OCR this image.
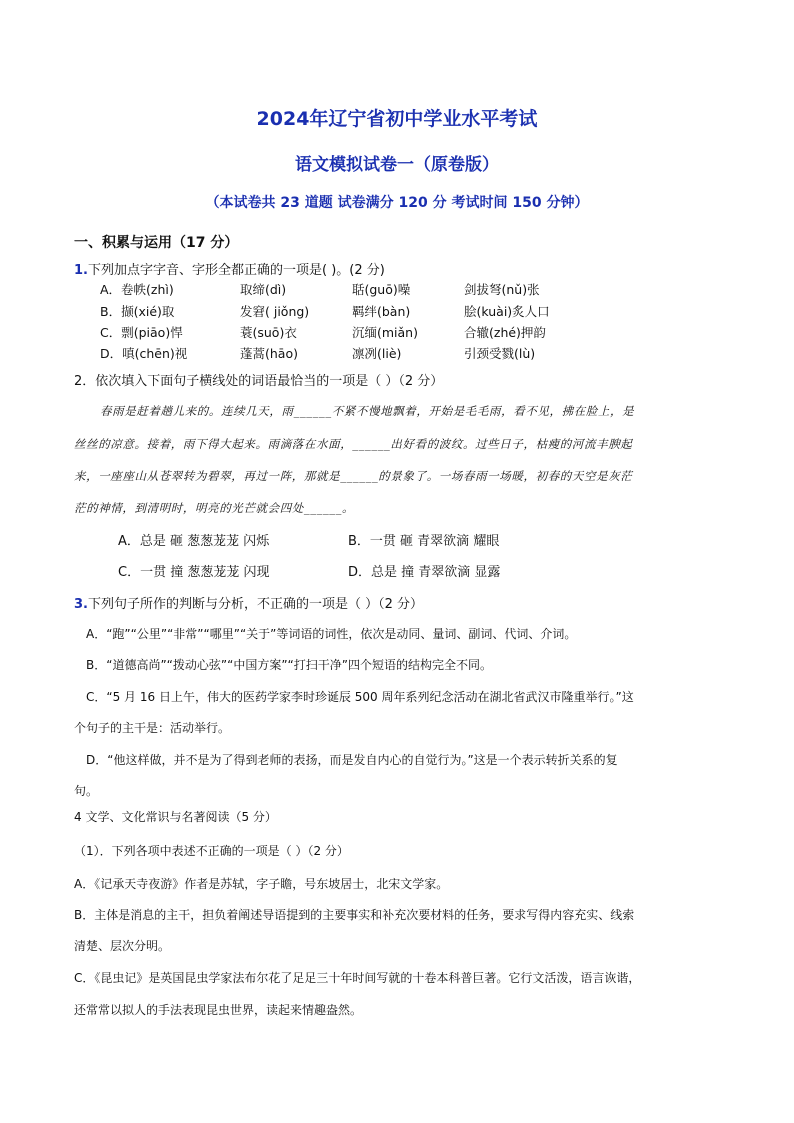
2024年辽宁省初中学业水平考试
语文模拟试卷一（原卷版）
（本试卷共 23 道题 试卷满分 120 分 考试时间 150 分钟）
一、积累与运用（17 分）
1.下列加点字字音、字形全都正确的一项是( )。(2 分)
A．卷帙(zhì)	取缔(dì)	聒(guō)噪	剑拔弩(nǔ)张
B．撷(xié)取	发窘( jiǒng)	羁绊(bàn)	脍(kuài)炙人口
C．剽(piāo)悍	蓑(suō)衣	沉缅(miǎn)	合辙(zhé)押韵
D．嗔(chēn)视	蓬蒿(hāo)	凛冽(liè)	引颈受戮(lù)
2．依次填入下面句子横线处的词语最恰当的一项是（ ）（2 分）
春雨是赶着趟儿来的。连续几天，雨______不紧不慢地飘着，开始是毛毛雨，看不见，拂在脸上，是
丝丝的凉意。接着，雨下得大起来。雨滴落在水面，______出好看的波纹。过些日子，枯瘦的河流丰腴起
来，一座座山从苍翠转为碧翠，再过一阵，那就是______的景象了。一场春雨一场暖，初春的天空是灰茫
茫的神情，到清明时，明亮的光芒就会四处______。
A．总是 砸 葱葱茏茏 闪烁	B．一贯 砸 青翠欲滴 耀眼
C．一贯 撞 葱葱茏茏 闪现	D．总是 撞 青翠欲滴 显露
3.下列句子所作的判断与分析，不正确的一项是（ ）（2 分）
A．“跑”“公里”“非常”“哪里”“关于”等词语的词性，依次是动同、量词、副词、代词、介词。
B．“道德高尚”“拨动心弦”“中国方案”“打扫干净”四个短语的结构完全不同。
C．“5 月 16 日上午，伟大的医药学家李时珍诞辰 500 周年系列纪念活动在湖北省武汉市隆重举行。”这
个句子的主干是：活动举行。
D．“他这样做，并不是为了得到老师的表扬，而是发自内心的自觉行为。”这是一个表示转折关系的复
句。
4 文学、文化常识与名著阅读（5 分）
（1）．下列各项中表述不正确的一项是（ ）（2 分）
A．《记承天寺夜游》作者是苏轼，字子瞻，号东坡居士，北宋文学家。
B．主体是消息的主干，担负着阐述导语提到的主要事实和补充次要材料的任务，要求写得内容充实、线索
清楚、层次分明。
C．《昆虫记》是英国昆虫学家法布尔花了足足三十年时间写就的十卷本科普巨著。它行文活泼，语言诙谐，
还常常以拟人的手法表现昆虫世界，读起来情趣盎然。
